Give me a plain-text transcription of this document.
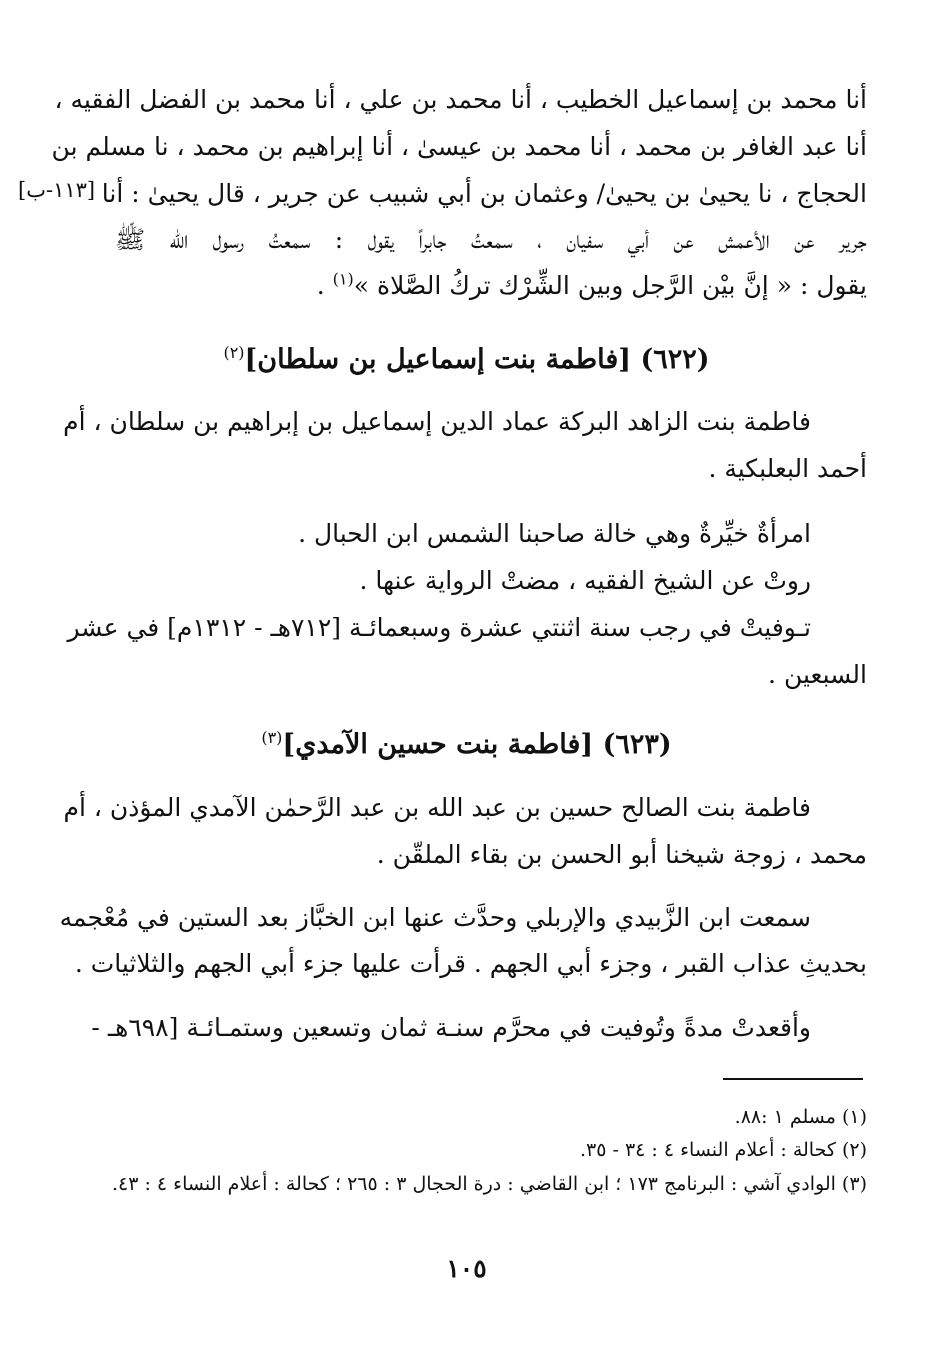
[١١٣-ب]
أنا محمد بن إسماعيل الخطيب ، أنا محمد بن علي ، أنا محمد بن الفضل الفقيه ،
أنا عبد الغافر بن محمد ، أنا محمد بن عيسىٰ ، أنا إبراهيم بن محمد ، نا مسلم بن
الحجاج ، نا يحيىٰ بن يحيىٰ/ وعثمان بن أبي شبيب عن جرير ، قال يحيىٰ : أنا
جرير عن الأعمش عن أبي سفيان ، سمعتُ جابراً يقول : سمعتُ رسول الله ﷺ
يقول : « إنَّ بيْن الرَّجل وبين الشِّرْك تركُ الصَّلاة »$^{(١)}$ .
(٦٢٢) [فاطمة بنت إسماعيل بن سلطان]$^{(٢)}$
فاطمة بنت الزاهد البركة عماد الدين إسماعيل بن إبراهيم بن سلطان ، أم
أحمد البعلبكية .
امرأةٌ خيِّرةٌ وهي خالة صاحبنا الشمس ابن الحبال .
روتْ عن الشيخ الفقيه ، مضتْ الرواية عنها .
تـوفيتْ في رجب سنة اثنتي عشرة وسبعمائـة [٧١٢هـ - ١٣١٢م] في عشر
السبعين .
(٦٢٣) [فاطمة بنت حسين الآمدي]$^{(٣)}$
فاطمة بنت الصالح حسين بن عبد الله بن عبد الرَّحمٰن الآمدي المؤذن ، أم
محمد ، زوجة شيخنا أبو الحسن بن بقاء الملقّن .
سمعت ابن الزَّبيدي والإربلي وحدَّث عنها ابن الخبَّاز بعد الستين في مُعْجمه
بحديثِ عذاب القبر ، وجزء أبي الجهم . قرأت عليها جزء أبي الجهم والثلاثيات .
وأقعدتْ مدةً وتُوفيت في محرَّم سنـة ثمان وتسعين وستمـائـة [٦٩٨هـ -
(١) مسلم ١ :٨٨.
(٢) كحالة : أعلام النساء ٤ : ٣٤ - ٣٥.
(٣) الوادي آشي : البرنامج ١٧٣ ؛ ابن القاضي : درة الحجال ٣ : ٢٦٥ ؛ كحالة : أعلام النساء ٤ : ٤٣.
١٠٥
